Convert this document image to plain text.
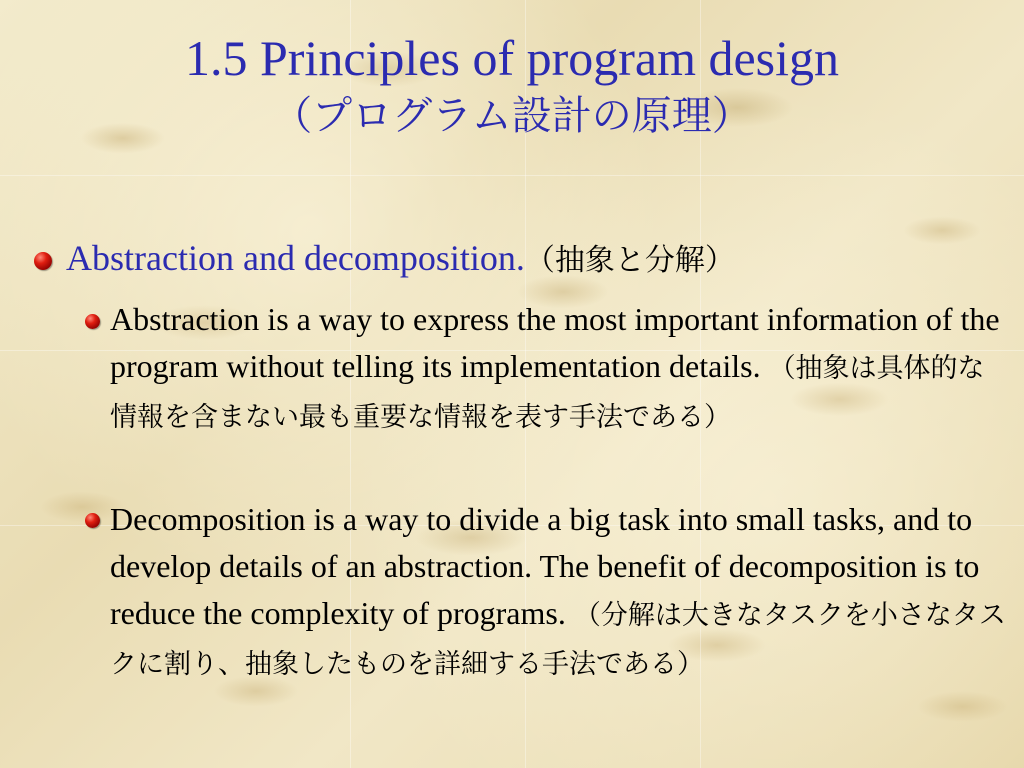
1.5 Principles of program design
（プログラム設計の原理）
Abstraction and decomposition.（抽象と分解）
Abstraction is a way to express the most important information of the program without telling its implementation details. （抽象は具体的な情報を含まない最も重要な情報を表す手法である）
Decomposition is a way to divide a big task into small tasks, and to develop details of an abstraction. The benefit of decomposition is to reduce the complexity of programs. （分解は大きなタスクを小さなタスクに割り、抽象したものを詳細する手法である）
